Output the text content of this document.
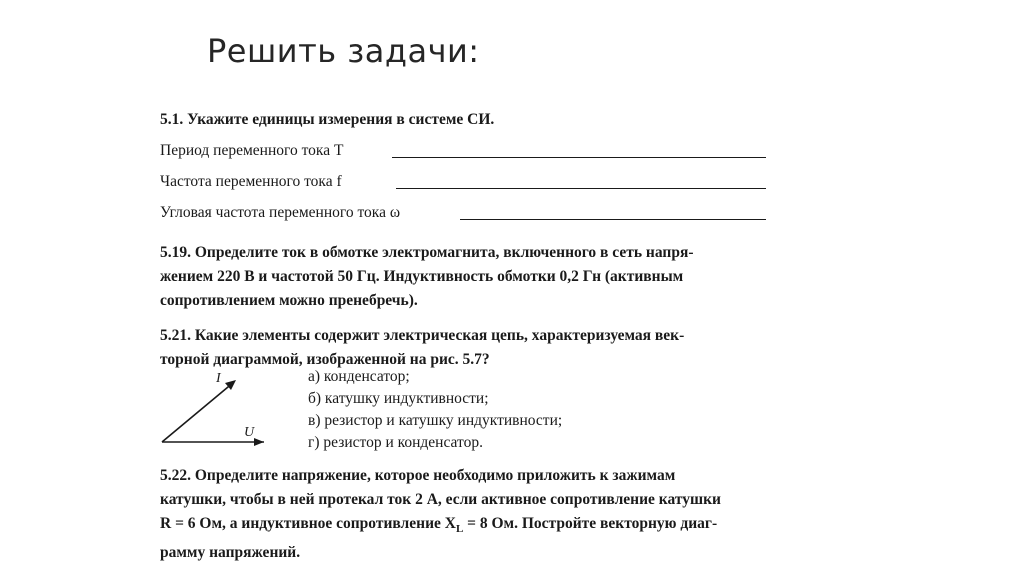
Решить задачи:
5.1. Укажите единицы измерения в системе СИ.
Период переменного тока T
Частота переменного тока f
Угловая частота переменного тока ω
5.19. Определите ток в обмотке электромагнита, включенного в сеть напря-
жением 220 В и частотой 50 Гц. Индуктивность обмотки 0,2 Гн (активным
сопротивлением можно пренебречь).
5.21. Какие элементы содержит электрическая цепь, характеризуемая век-
торной диаграммой, изображенной на рис. 5.7?
I
U
а) конденсатор;
б) катушку индуктивности;
в) резистор и катушку индуктивности;
г) резистор и конденсатор.
5.22. Определите напряжение, которое необходимо приложить к зажимам
катушки, чтобы в ней протекал ток 2 А, если активное сопротивление катушки
R = 6 Ом, а индуктивное сопротивление $X_L = 8$ Ом. Постройте векторную диаг-
рамму напряжений.
